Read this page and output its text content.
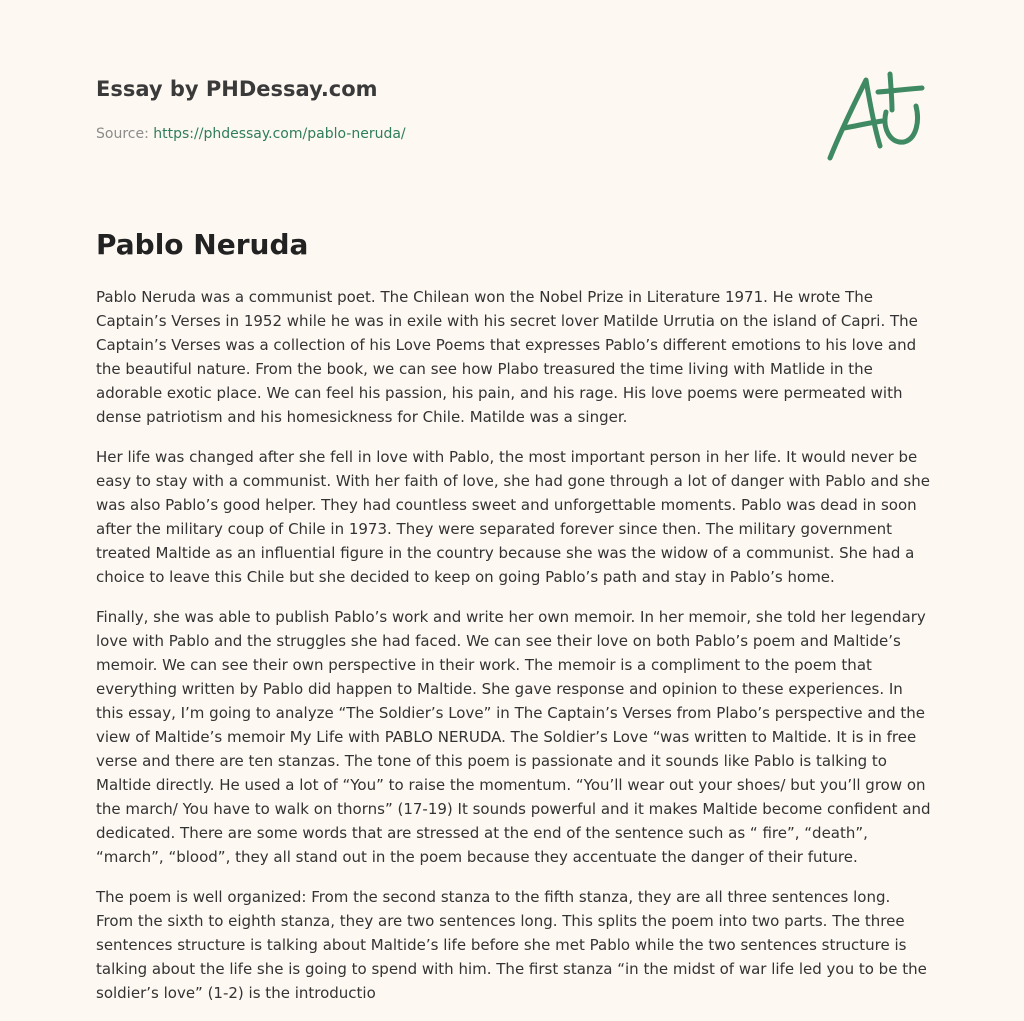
Essay by PHDessay.com
Source: https://phdessay.com/pablo-neruda/
Pablo Neruda

Pablo Neruda was a communist poet. The Chilean won the Nobel Prize in Literature 1971. He wrote The Captain’s Verses in 1952 while he was in exile with his secret lover Matilde Urrutia on the island of Capri. The Captain’s Verses was a collection of his Love Poems that expresses Pablo’s different emotions to his love and the beautiful nature. From the book, we can see how Plabo treasured the time living with Matlide in the adorable exotic place. We can feel his passion, his pain, and his rage. His love poems were permeated with dense patriotism and his homesickness for Chile. Matilde was a singer.

Her life was changed after she fell in love with Pablo, the most important person in her life. It would never be easy to stay with a communist. With her faith of love, she had gone through a lot of danger with Pablo and she was also Pablo’s good helper. They had countless sweet and unforgettable moments. Pablo was dead in soon after the military coup of Chile in 1973. They were separated forever since then. The military government treated Maltide as an influential figure in the country because she was the widow of a communist. She had a choice to leave this Chile but she decided to keep on going Pablo’s path and stay in Pablo’s home.

Finally, she was able to publish Pablo’s work and write her own memoir. In her memoir, she told her legendary love with Pablo and the struggles she had faced. We can see their love on both Pablo’s poem and Maltide’s memoir. We can see their own perspective in their work. The memoir is a compliment to the poem that everything written by Pablo did happen to Maltide. She gave response and opinion to these experiences. In this essay, I’m going to analyze “The Soldier’s Love” in The Captain’s Verses from Plabo’s perspective and the view of Maltide’s memoir My Life with PABLO NERUDA. The Soldier’s Love “was written to Maltide. It is in free verse and there are ten stanzas. The tone of this poem is passionate and it sounds like Pablo is talking to Maltide directly. He used a lot of “You” to raise the momentum. “You’ll wear out your shoes/ but you’ll grow on the march/ You have to walk on thorns” (17-19) It sounds powerful and it makes Maltide become confident and dedicated. There are some words that are stressed at the end of the sentence such as “ fire”, “death”, “march”, “blood”, they all stand out in the poem because they accentuate the danger of their future.

The poem is well organized: From the second stanza to the fifth stanza, they are all three sentences long. From the sixth to eighth stanza, they are two sentences long. This splits the poem into two parts. The three sentences structure is talking about Maltide’s life before she met Pablo while the two sentences structure is talking about the life she is going to spend with him. The first stanza “in the midst of war life led you to be the soldier’s love” (1-2) is the introductio
